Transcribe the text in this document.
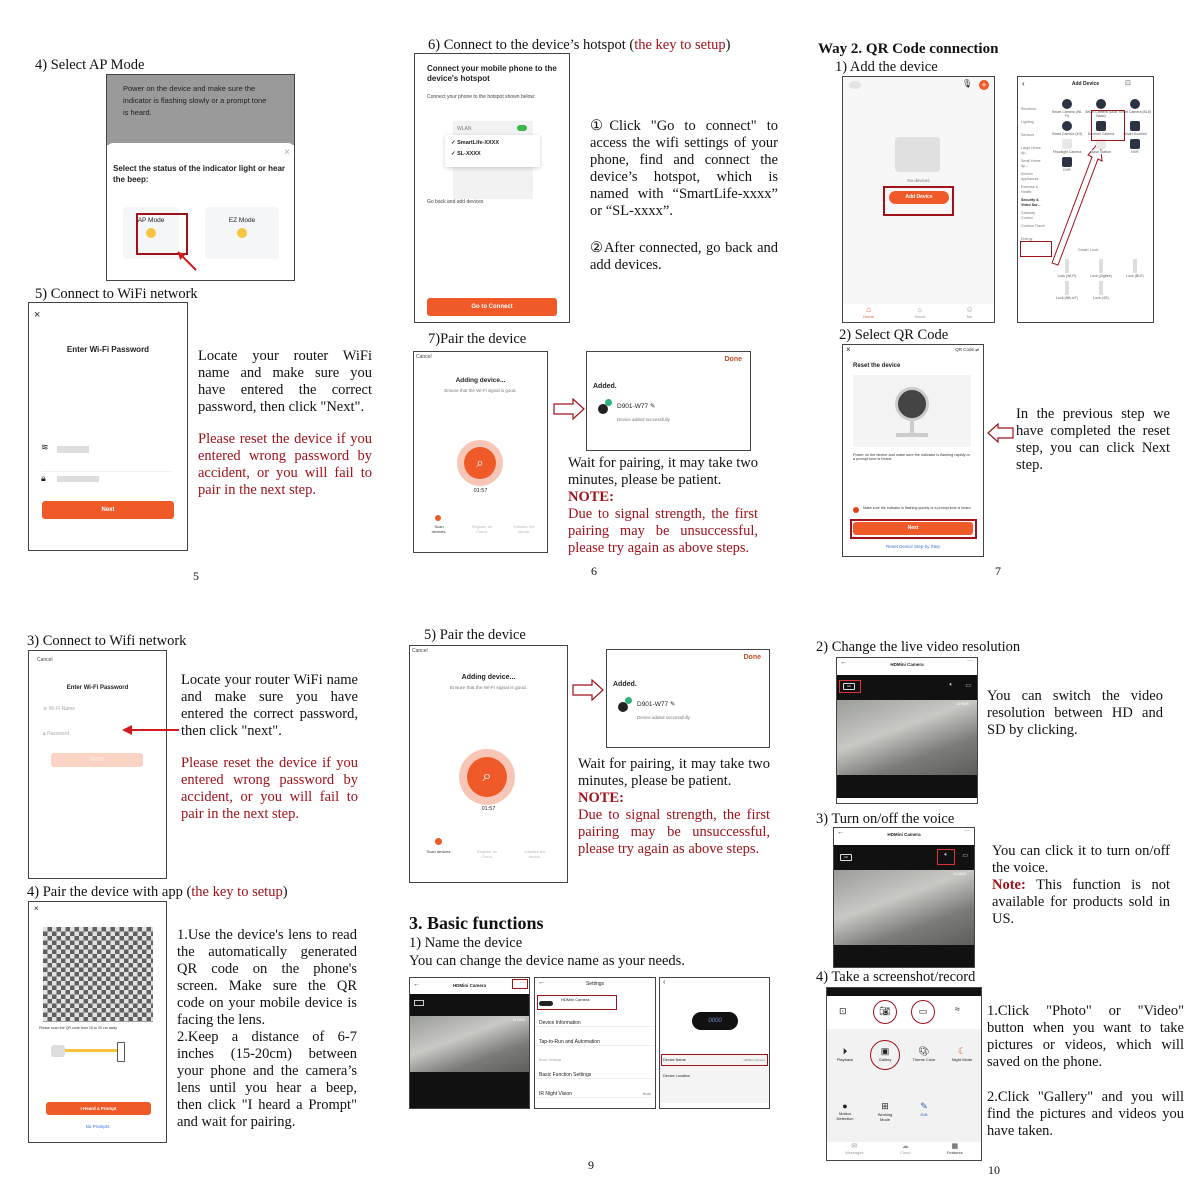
4) Select AP Mode
Power on the device and make sure the indicator is flashing slowly or a prompt tone is heard.
×
Select the status of the indicator light or hear the beep:
AP Mode	EZ Mode
5) Connect to WiFi network
×
Enter Wi-Fi Password
≋
🔒︎
Next
Locate your router WiFi name and make sure you have entered the correct password, then click "Next".
Please reset the device if you entered wrong password by accident, or you will fail to pair in the next step.
5
6) Connect to the device’s hotspot (the key to setup)
Connect your mobile phone to the device's hotspot
Connect your phone to the hotspot shown below:
WLAN
✓ SmartLife-XXXX
✓ SL-XXXX
Go back and add devices
Go to Connect
①Click "Go to connect" to access the wifi settings of your phone, find and connect the device’s hotspot, which is named with “SmartLife-xxxx” or “SL-xxxx”.
②After connected, go back and add devices.
7)Pair the device
Cancel
Adding device...
Ensure that the Wi-Fi signal is good.
⌕
01:57
Scan devices.
Register on Cloud.
Initialize the device.
Done
Added.
D901-W77 ✎
Device added successfully
Wait for pairing, it may take two minutes, please be patient.
NOTE:
Due to signal strength, the first pairing may be unsuccessful, please try again as above steps.
6
Way 2. QR Code connection
1) Add the device
🎙︎ +
No devices
Add Device
⌂
Home
☼
Smart
☺
Me
‹	Add Device	⊡
Electrical
Lighting
Sensors
Large Home Ap...
Small Home Ap...
Kitchen Appliances
Exercise & Health
Security & Video Sur...
Gateway Control
Outdoor Travel
Energy
Smart Camera (Wi-Fi)
Smart Camera (Dual Band)
Smart Camera (BLE)
Smart Camera (4G)	Doorbell Camera	Smart Doorbell
Floodlight Camera	Base Station	NVR
DVR
Smart Lock
Lock (Wi-Fi)	Lock (Zigbee)	Lock (BLE)
Lock (NB-IoT)	Lock (4G)
2) Select QR Code
×	QR Code ⇌
Reset the device
Power on the device and make sure the indicator is flashing rapidly or a prompt tone is heard.
Make sure the indicator is flashing quickly or a prompt tone is heard.
Next
Reset Device Step by Step
In the previous step we have completed the reset step, you can click Next step.
7
3) Connect to Wifi network
Cancel
Enter Wi-Fi Password
≋ Wi-Fi Name
🔒︎ Password
Next
Locate your router WiFi name and make sure you have entered the correct password, then click "next".
Please reset the device if you entered wrong password by accident, or you will fail to pair in the next step.
4) Pair the device with app (the key to setup)
×
Please scan the QR code from 15 to 20 cm away
I Heard a Prompt
No Prompts
1.Use the device's lens to read the automatically generated QR code on the phone's screen. Make sure the QR code on your mobile device is facing the lens.
2.Keep a distance of 6-7 inches (15-20cm) between your phone and the camera’s lens until you hear a beep, then click "I heard a Prompt" and wait for pairing.
5) Pair the device
Cancel
Adding device...
Ensure that the Wi-Fi signal is good.
⌕
01:57
Scan devices.	Register on Cloud.
Initialize the device.
Done
Added.
D901-W77 ✎
Device added successfully
Wait for pairing, it may take two minutes, please be patient.
NOTE:
Due to signal strength, the first pairing may be unsuccessful, please try again as above steps.
3. Basic functions
1) Name the device
You can change the device name as your needs.
←	HDMini Camera	···
13 KB/S
←	Settings
HDMini Camera
Device Information
Tap-to-Run and Automation
Basic Settings
Basic Function Settings
IR Night Vision	Auto
‹
0000
Device Name	HDMini Camera
Device Location
9
2) Change the live video resolution
←	HDMini Camera
···
HD	🔈︎ ▭
13 KB/S You can switch the video resolution between HD and SD by clicking.
3) Turn on/off the voice
←	HDMini Camera
···
HD	🔈︎ ▭
13 KB/S
You can click it to turn on/off the voice.
Note: This function is not available for products sold in US.
4) Take a screenshot/record
⊡	📷︎	▭	≈
⏵
Playback
▣
Gallery
🎨︎
Theme Color
☾
Night Mode
●
Motion Detection
⊞
Working Mode
✎
Edit
✉
Messages
☁
Cloud
▦
Features
1.Click "Photo" or "Video" button when you want to take pictures or videos, which will saved on the phone.
2.Click "Gallery" and you will find the pictures and videos you have taken.
10
